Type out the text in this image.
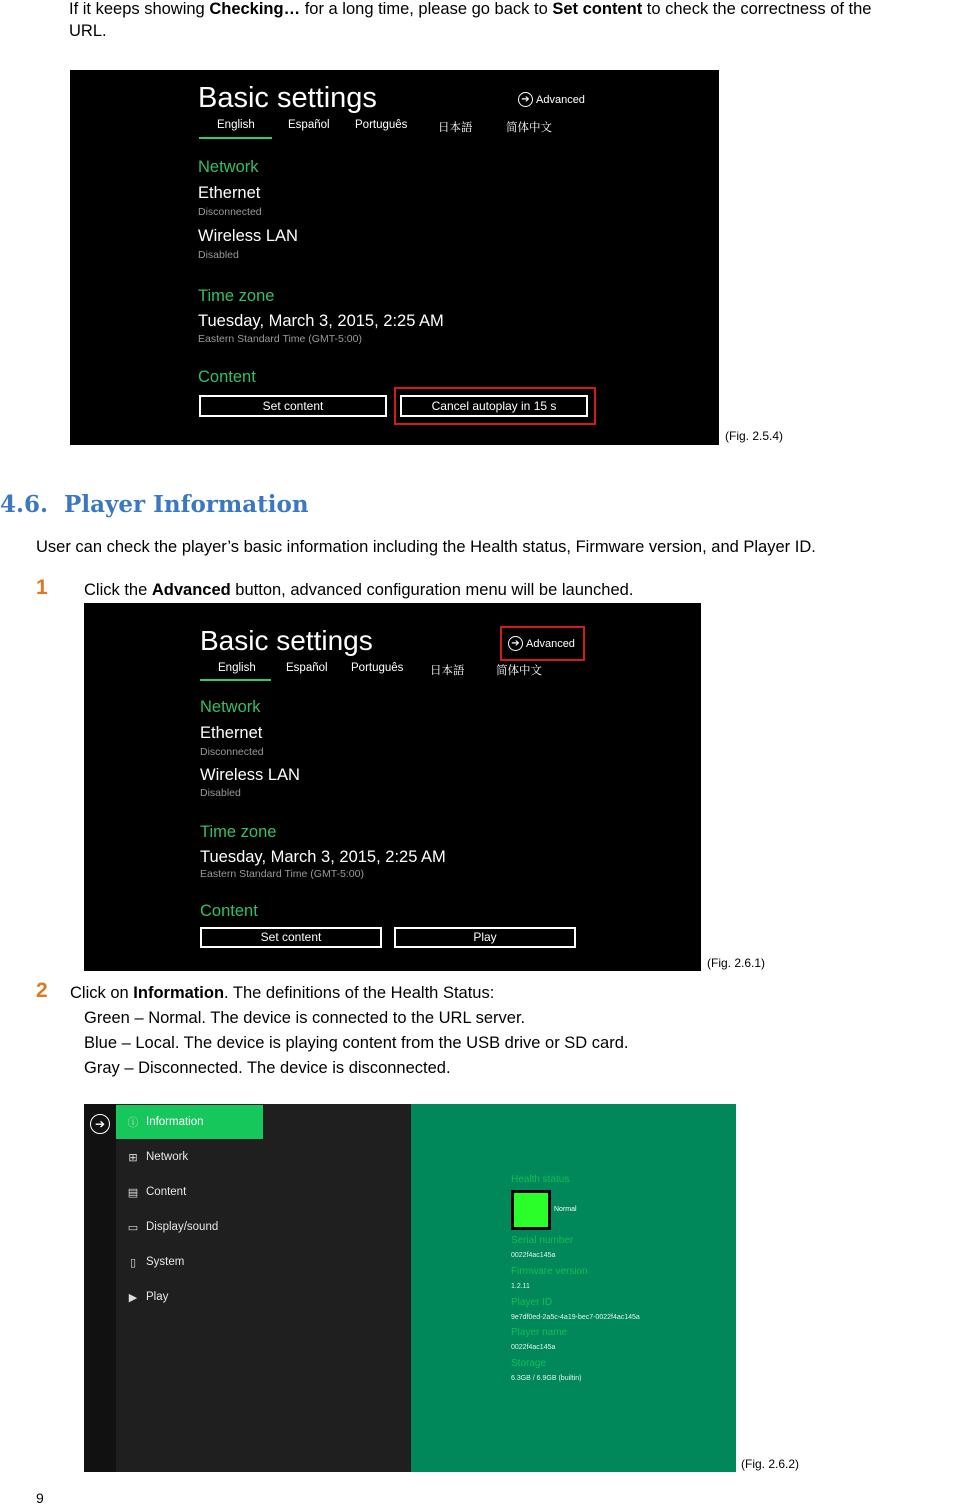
If it keeps showing Checking… for a long time, please go back to Set content to check the correctness of the
URL.
Basic settings	➔ Advanced
English	Español Português	日本語	简体中文
Network
Ethernet
Disconnected
Wireless LAN
Disabled
Time zone
Tuesday, March 3, 2015, 2:25 AM
Eastern Standard Time (GMT-5:00)
Content
Set content	Cancel autoplay in 15 s
(Fig. 2.5.4)
4.6.  Player Information
User can check the player’s basic information including the Health status, Firmware version, and Player ID.
1 Click the Advanced button, advanced configuration menu will be launched.
Basic settings	➔ Advanced
English	Español Português 日本語	简体中文
Network
Ethernet
Disconnected
Wireless LAN
Disabled
Time zone
Tuesday, March 3, 2015, 2:25 AM
Eastern Standard Time (GMT-5:00)
Content
Set content	Play
(Fig. 2.6.1)
2 Click on Information. The definitions of the Health Status:
Green – Normal. The device is connected to the URL server.
Blue – Local. The device is playing content from the USB drive or SD card.
Gray – Disconnected. The device is disconnected.
➔	ⓘ Information
⊞ Network
▤ Content
▭ Display/sound
▯ System
▶ Play
Health status
Normal
Serial number
0022f4ac145a
Firmware version
1.2.11
Player ID
9e7df0ed-2a5c-4a19-bec7-0022f4ac145a
Player name
0022f4ac145a
Storage
6.3GB / 6.9GB (builtin)
(Fig. 2.6.2)
9
